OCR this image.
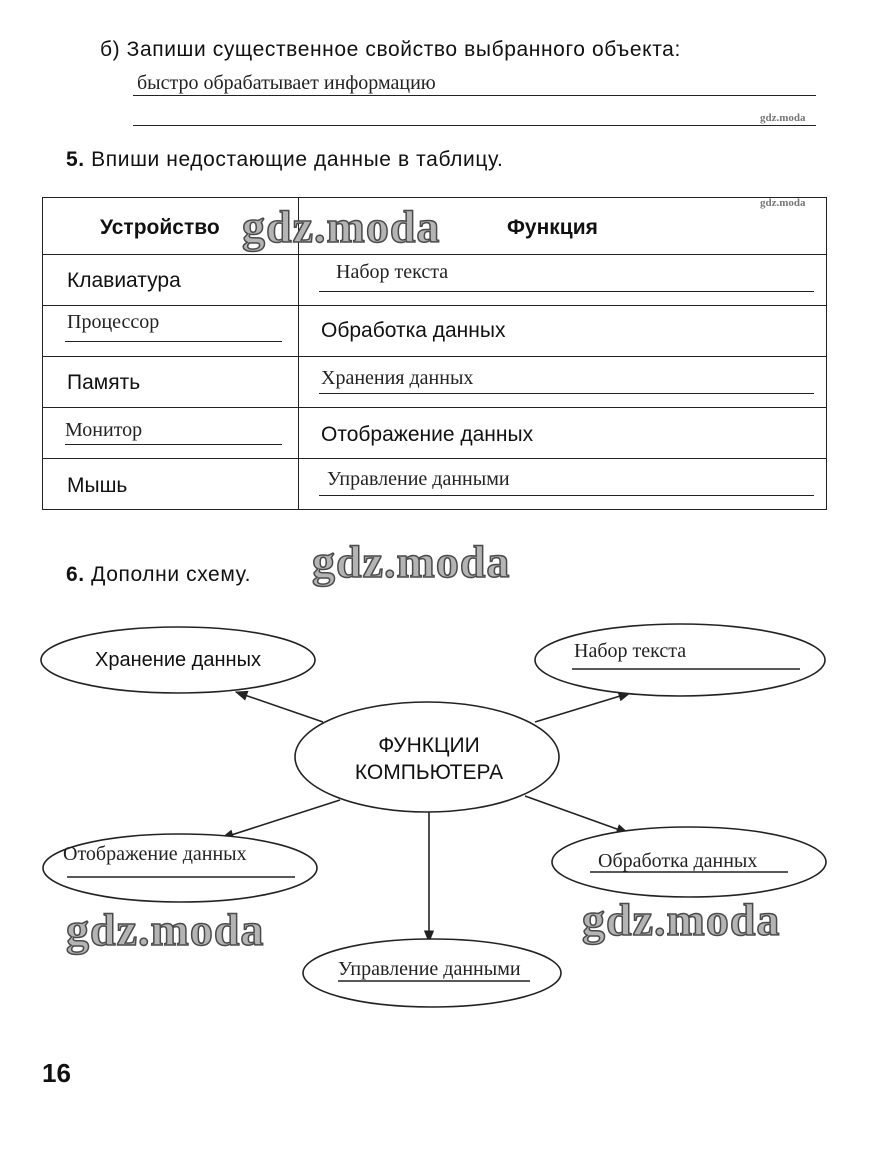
б) Запиши существенное свойство выбранного объекта:
быстро обрабатывает информацию
gdz.moda
5. Впиши недостающие данные в таблицу.
Устройство	Функция

Клавиатура	Набор текста

Процессор	Обработка данных

Память	Хранения данных

Монитор	Отображение данных

Мышь	Управление данными
gdz.moda
gdz.moda
6. Дополни схему. gdz.moda
ФУНКЦИИ
КОМПЬЮТЕРА
Хранение данных	Набор текста
Отображение данных	Обработка данных
Управление данными
gdz.moda	gdz.moda
16
